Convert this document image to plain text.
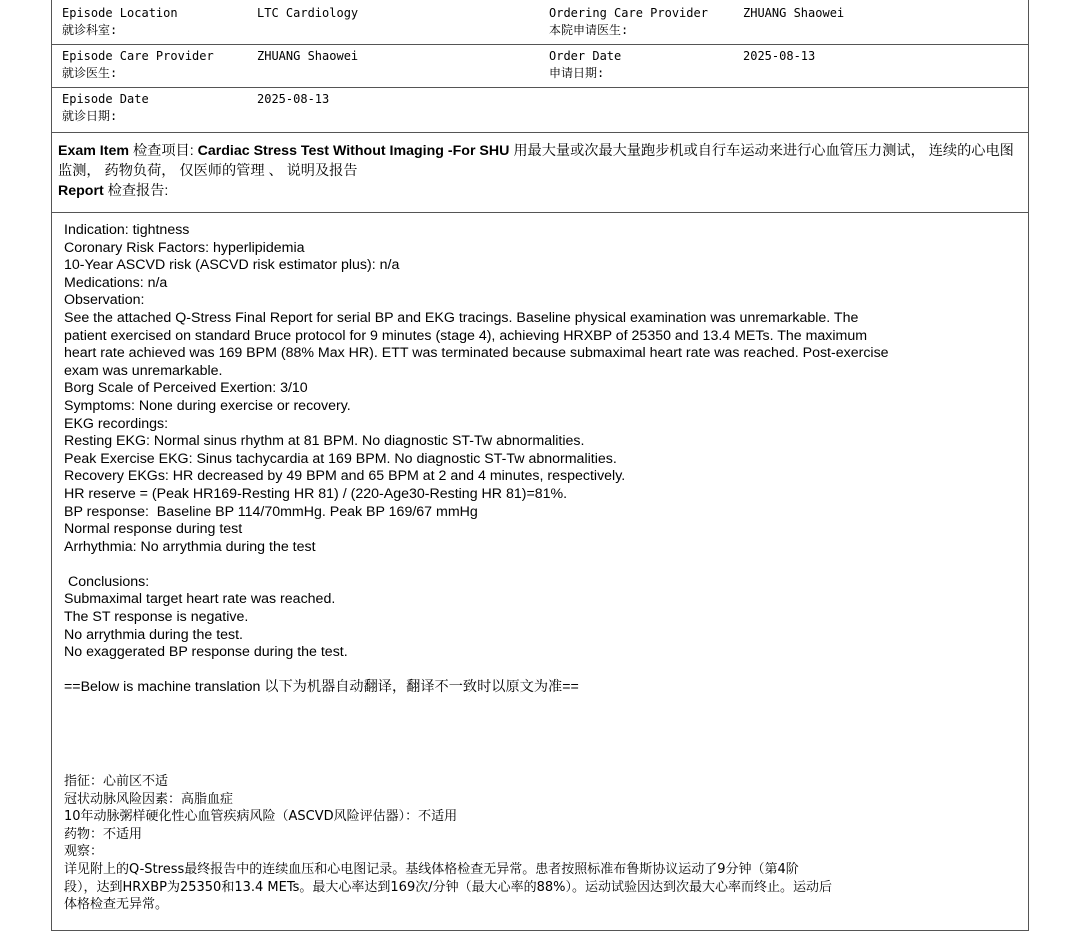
Episode Location
就诊科室:
LTC Cardiology	Ordering Care Provider
本院申请医生:
ZHUANG Shaowei
Episode Care Provider
就诊医生:
ZHUANG Shaowei	Order Date
申请日期:
2025-08-13
Episode Date
就诊日期:
2025-08-13
Exam Item 检查项目: Cardiac Stress Test Without Imaging -For SHU 用最大量或次最大量跑步机或自行车运动来进行心血管压力测试， 连续的心电图监测， 药物负荷， 仅医师的管理 、 说明及报告
Report 检查报告:
Indication: tightness
Coronary Risk Factors: hyperlipidemia
10-Year ASCVD risk (ASCVD risk estimator plus): n/a
Medications: n/a
Observation:
See the attached Q-Stress Final Report for serial BP and EKG tracings. Baseline physical examination was unremarkable. The
patient exercised on standard Bruce protocol for 9 minutes (stage 4), achieving HRXBP of 25350 and 13.4 METs. The maximum
heart rate achieved was 169 BPM (88% Max HR). ETT was terminated because submaximal heart rate was reached. Post-exercise
exam was unremarkable.
Borg Scale of Perceived Exertion: 3/10
Symptoms: None during exercise or recovery.
EKG recordings:
Resting EKG: Normal sinus rhythm at 81 BPM. No diagnostic ST-Tw abnormalities.
Peak Exercise EKG: Sinus tachycardia at 169 BPM. No diagnostic ST-Tw abnormalities.
Recovery EKGs: HR decreased by 49 BPM and 65 BPM at 2 and 4 minutes, respectively.
HR reserve = (Peak HR169-Resting HR 81) / (220-Age30-Resting HR 81)=81%.
BP response:  Baseline BP 114/70mmHg. Peak BP 169/67 mmHg
Normal response during test
Arrhythmia: No arrythmia during the test
Conclusions:
Submaximal target heart rate was reached.
The ST response is negative.
No arrythmia during the test.
No exaggerated BP response during the test.
==Below is machine translation 以下为机器自动翻译，翻译不一致时以原文为准==
指征：心前区不适
冠状动脉风险因素：高脂血症
10年动脉粥样硬化性心血管疾病风险（ASCVD风险评估器）：不适用
药物：不适用
观察：
详见附上的Q-Stress最终报告中的连续血压和心电图记录。基线体格检查无异常。患者按照标准布鲁斯协议运动了9分钟（第4阶
段），达到HRXBP为25350和13.4 METs。最大心率达到169次/分钟（最大心率的88%）。运动试验因达到次最大心率而终止。运动后
体格检查无异常。
